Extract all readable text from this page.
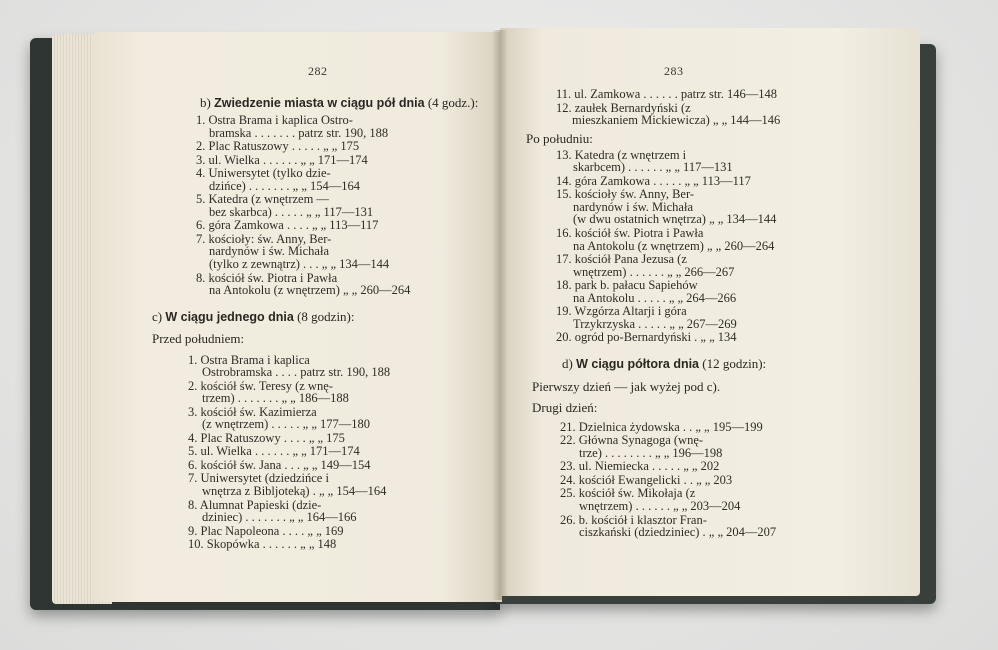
282
b) Zwiedzenie miasta w ciągu pół dnia (4 godz.):
1. Ostra Brama i kaplica Ostro-
bramska . . . . . . . patrz str. 190, 188
2. Plac Ratuszowy . . . . . „ „ 175
3. ul. Wielka . . . . . . „ „ 171—174
4. Uniwersytet (tylko dzie-
dzińce) . . . . . . . „ „ 154—164
5. Katedra (z wnętrzem —
bez skarbca) . . . . . „ „ 117—131
6. góra Zamkowa . . . . „ „ 113—117
7. kościoły: św. Anny, Ber-
nardynów i św. Michała
(tylko z zewnątrz) . . . „ „ 134—144
8. kościół św. Piotra i Pawła
na Antokolu (z wnętrzem) „ „ 260—264
c) W ciągu jednego dnia (8 godzin):
Przed południem:
1. Ostra Brama i kaplica
Ostrobramska . . . . patrz str. 190, 188
2. kościół św. Teresy (z wnę-
trzem) . . . . . . . „ „ 186—188
3. kościół św. Kazimierza
(z wnętrzem) . . . . . „ „ 177—180
4. Plac Ratuszowy . . . . „ „ 175
5. ul. Wielka . . . . . . „ „ 171—174
6. kościół św. Jana . . . „ „ 149—154
7. Uniwersytet (dziedzińce i
wnętrza z Bibljoteką) . „ „ 154—164
8. Alumnat Papieski (dzie-
dziniec) . . . . . . . „ „ 164—166
9. Plac Napoleona . . . . „ „ 169
10. Skopówka . . . . . . „ „ 148
283
11. ul. Zamkowa . . . . . . patrz str. 146—148
12. zaułek Bernardyński (z
mieszkaniem Mickiewicza) „ „ 144—146
Po południu:
13. Katedra (z wnętrzem i
skarbcem) . . . . . . „ „ 117—131
14. góra Zamkowa . . . . . „ „ 113—117
15. kościoły św. Anny, Ber-
nardynów i św. Michała
(w dwu ostatnich wnętrza) „ „ 134—144
16. kościół św. Piotra i Pawła
na Antokolu (z wnętrzem) „ „ 260—264
17. kościół Pana Jezusa (z
wnętrzem) . . . . . . „ „ 266—267
18. park b. pałacu Sapiehów
na Antokolu . . . . . „ „ 264—266
19. Wzgórza Altarji i góra
Trzykrzyska . . . . . „ „ 267—269
20. ogród po-Bernardyński . „ „ 134
d) W ciągu półtora dnia (12 godzin):
Pierwszy dzień — jak wyżej pod c).
Drugi dzień:
21. Dzielnica żydowska . . „ „ 195—199
22. Główna Synagoga (wnę-
trze) . . . . . . . . „ „ 196—198
23. ul. Niemiecka . . . . . „ „ 202
24. kościół Ewangelicki . . „ „ 203
25. kościół św. Mikołaja (z
wnętrzem) . . . . . . „ „ 203—204
26. b. kościół i klasztor Fran-
ciszkański (dziedziniec) . „ „ 204—207
